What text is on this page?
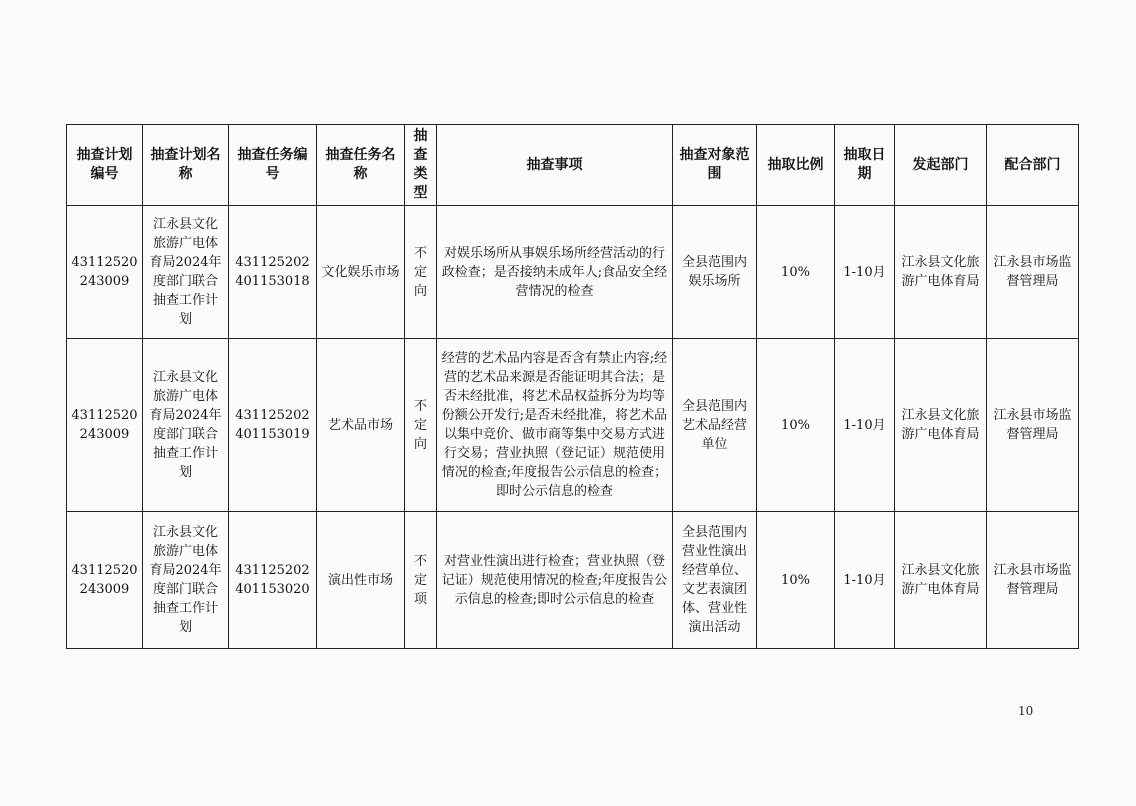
抽查计划编号	抽查计划名称	抽查任务编号	抽查任务名称	抽查类型	抽查事项	抽查对象范围	抽取比例	抽取日期	发起部门	配合部门
43112520243009	江永县文化旅游广电体育局2024年度部门联合抽查工作计划	431125202401153018	文化娱乐市场	不定向	对娱乐场所从事娱乐场所经营活动的行政检查；是否接纳未成年人;食品安全经营情况的检查	全县范围内娱乐场所	10%	1-10月	江永县文化旅游广电体育局	江永县市场监督管理局
43112520243009	江永县文化旅游广电体育局2024年度部门联合抽查工作计划	431125202401153019	艺术品市场	不定向	经营的艺术品内容是否含有禁止内容;经营的艺术品来源是否能证明其合法；是否未经批准，将艺术品权益拆分为均等份额公开发行;是否未经批准，将艺术品以集中竞价、做市商等集中交易方式进行交易；营业执照（登记证）规范使用情况的检查;年度报告公示信息的检查；即时公示信息的检查	全县范围内艺术品经营单位	10%	1-10月	江永县文化旅游广电体育局	江永县市场监督管理局
43112520243009	江永县文化旅游广电体育局2024年度部门联合抽查工作计划	431125202401153020	演出性市场	不定项	对营业性演出进行检查；营业执照（登记证）规范使用情况的检查;年度报告公示信息的检查;即时公示信息的检查	全县范围内营业性演出经营单位、文艺表演团体、营业性演出活动	10%	1-10月	江永县文化旅游广电体育局	江永县市场监督管理局
10
